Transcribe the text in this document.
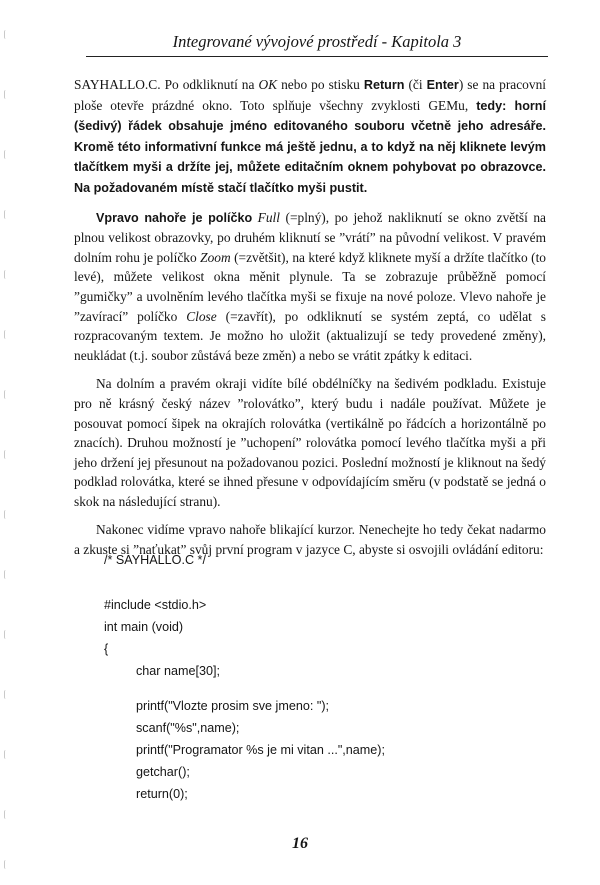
Integrované vývojové prostředí - Kapitola 3

SAYHALLO.C. Po odkliknutí na OK nebo po stisku Return (či Enter) se na pracovní ploše otevře prázdné okno. Toto splňuje všechny zvyklosti GEMu, tedy: horní (šedivý) řádek obsahuje jméno editovaného souboru včetně jeho adresáře. Kromě této informativní funkce má ještě jednu, a to když na něj kliknete levým tlačítkem myši a držíte jej, můžete editačním oknem pohybovat po obrazovce. Na požadovaném místě stačí tlačítko myši pustit.

Vpravo nahoře je políčko Full (=plný), po jehož nakliknutí se okno zvětší na plnou velikost obrazovky, po druhém kliknutí se ”vrátí” na původní velikost. V pravém dolním rohu je políčko Zoom (=zvětšit), na které když kliknete myší a držíte tlačítko (to levé), můžete velikost okna měnit plynule. Ta se zobrazuje průběžně pomocí ”gumičky” a uvolněním levého tlačítka myši se fixuje na nové poloze. Vlevo nahoře je ”zavírací” políčko Close (=zavřít), po odkliknutí se systém zeptá, co udělat s rozpracovaným textem. Je možno ho uložit (aktualizují se tedy provedené změny), neukládat (t.j. soubor zůstává beze změn) a nebo se vrátit zpátky k editaci.

Na dolním a pravém okraji vidíte bílé obdélníčky na šedivém podkladu. Existuje pro ně krásný český název ”rolovátko”, který budu i nadále používat. Můžete je posouvat pomocí šipek na okrajích rolovátka (vertikálně po řádcích a horizontálně po znacích). Druhou možností je ”uchopení” rolovátka pomocí levého tlačítka myši a při jeho držení jej přesunout na požadovanou pozici. Poslední možností je kliknout na šedý podklad rolovátka, které se ihned přesune v odpovídajícím směru (v podstatě se jedná o skok na následující stranu).

Nakonec vidíme vpravo nahoře blikající kurzor. Nenechejte ho tedy čekat nadarmo a zkuste si ”naťukat” svůj první program v jazyce C, abyste si osvojili ovládání editoru:

/* SAYHALLO.C */
#include <stdio.h>
int main (void)
{
char name[30];
printf("Vlozte prosim sve jmeno: ");
scanf("%s",name);
printf("Programator %s je mi vitan ...",name);
getchar();
return(0);
16
